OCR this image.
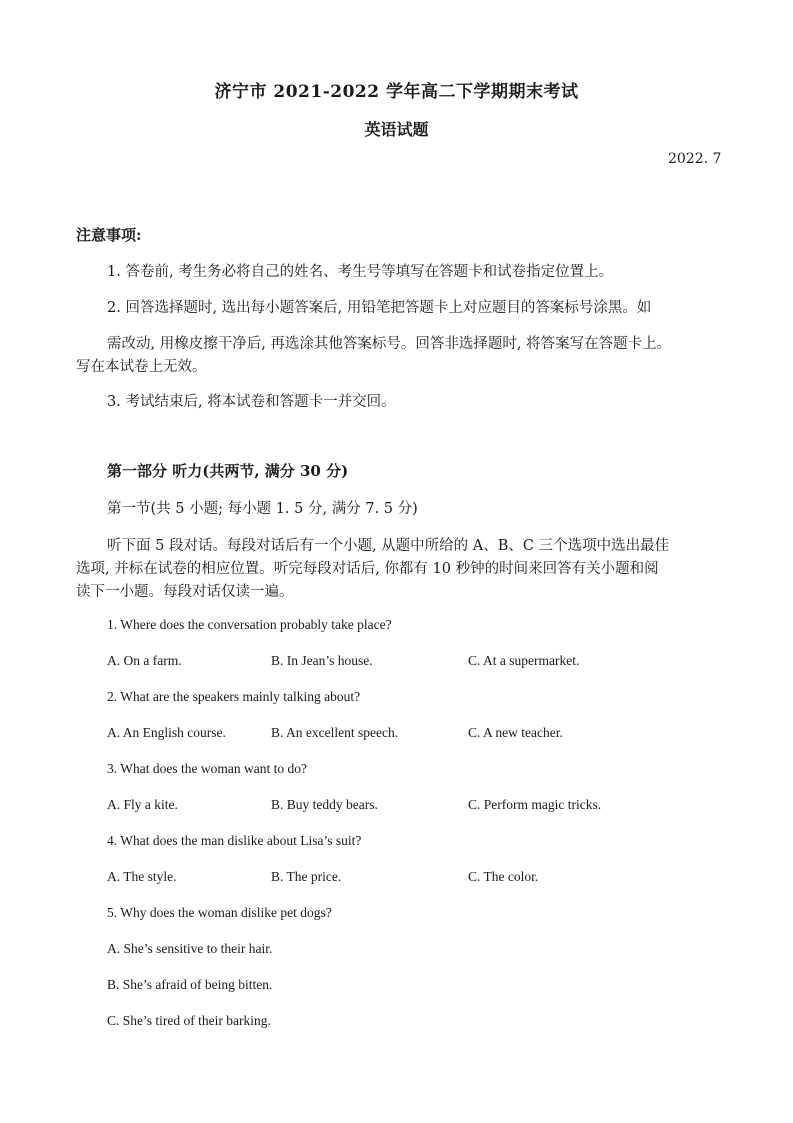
济宁市 2021-2022 学年高二下学期期末考试
英语试题
2022. 7
注意事项:
1. 答卷前, 考生务必将自己的姓名、考生号等填写在答题卡和试卷指定位置上。
2. 回答选择题时, 选出每小题答案后, 用铅笔把答题卡上对应题目的答案标号涂黑。如
需改动, 用橡皮擦干净后, 再选涂其他答案标号。回答非选择题时, 将答案写在答题卡上。
写在本试卷上无效。
3. 考试结束后, 将本试卷和答题卡一并交回。
第一部分 听力(共两节, 满分 30 分)
第一节(共 5 小题; 每小题 1. 5 分, 满分 7. 5 分)
听下面 5 段对话。每段对话后有一个小题, 从题中所给的 A、B、C 三个选项中选出最佳
选项, 并标在试卷的相应位置。听完每段对话后, 你都有 10 秒钟的时间来回答有关小题和阅
读下一小题。每段对话仅读一遍。
1. Where does the conversation probably take place?
A. On a farm.	B. In Jean’s house.	C. At a supermarket.
2. What are the speakers mainly talking about?
A. An English course.	B. An excellent speech.	C. A new teacher.
3. What does the woman want to do?
A. Fly a kite.	B. Buy teddy bears.	C. Perform magic tricks.
4. What does the man dislike about Lisa’s suit?
A. The style.	B. The price.	C. The color.
5. Why does the woman dislike pet dogs?
A. She’s sensitive to their hair.
B. She’s afraid of being bitten.
C. She’s tired of their barking.
